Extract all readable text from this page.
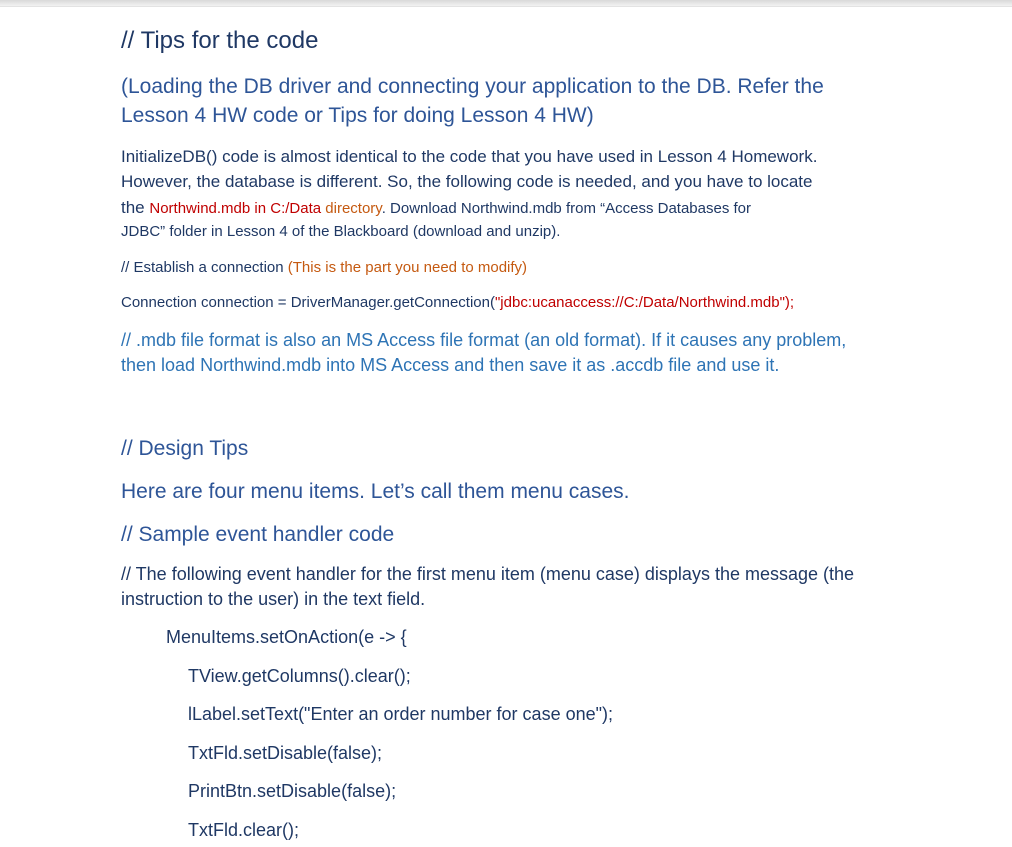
// Tips for the code
(Loading the DB driver and connecting your application to the DB. Refer the
Lesson 4 HW code or Tips for doing Lesson 4 HW)
InitializeDB() code is almost identical to the code that you have used in Lesson 4 Homework.
However, the database is different. So, the following code is needed, and you have to locate
the Northwind.mdb in C:/Data directory. Download Northwind.mdb from “Access Databases for
JDBC” folder in Lesson 4 of the Blackboard (download and unzip).
// Establish a connection (This is the part you need to modify)
Connection connection = DriverManager.getConnection("jdbc:ucanaccess://C:/Data/Northwind.mdb");
// .mdb file format is also an MS Access file format (an old format). If it causes any problem,
then load Northwind.mdb into MS Access and then save it as .accdb file and use it.
// Design Tips
Here are four menu items. Let’s call them menu cases.
// Sample event handler code
// The following event handler for the first menu item (menu case) displays the message (the
instruction to the user) in the text field.
MenuItems.setOnAction(e -> {
TView.getColumns().clear();
lLabel.setText("Enter an order number for case one");
TxtFld.setDisable(false);
PrintBtn.setDisable(false);
TxtFld.clear();
